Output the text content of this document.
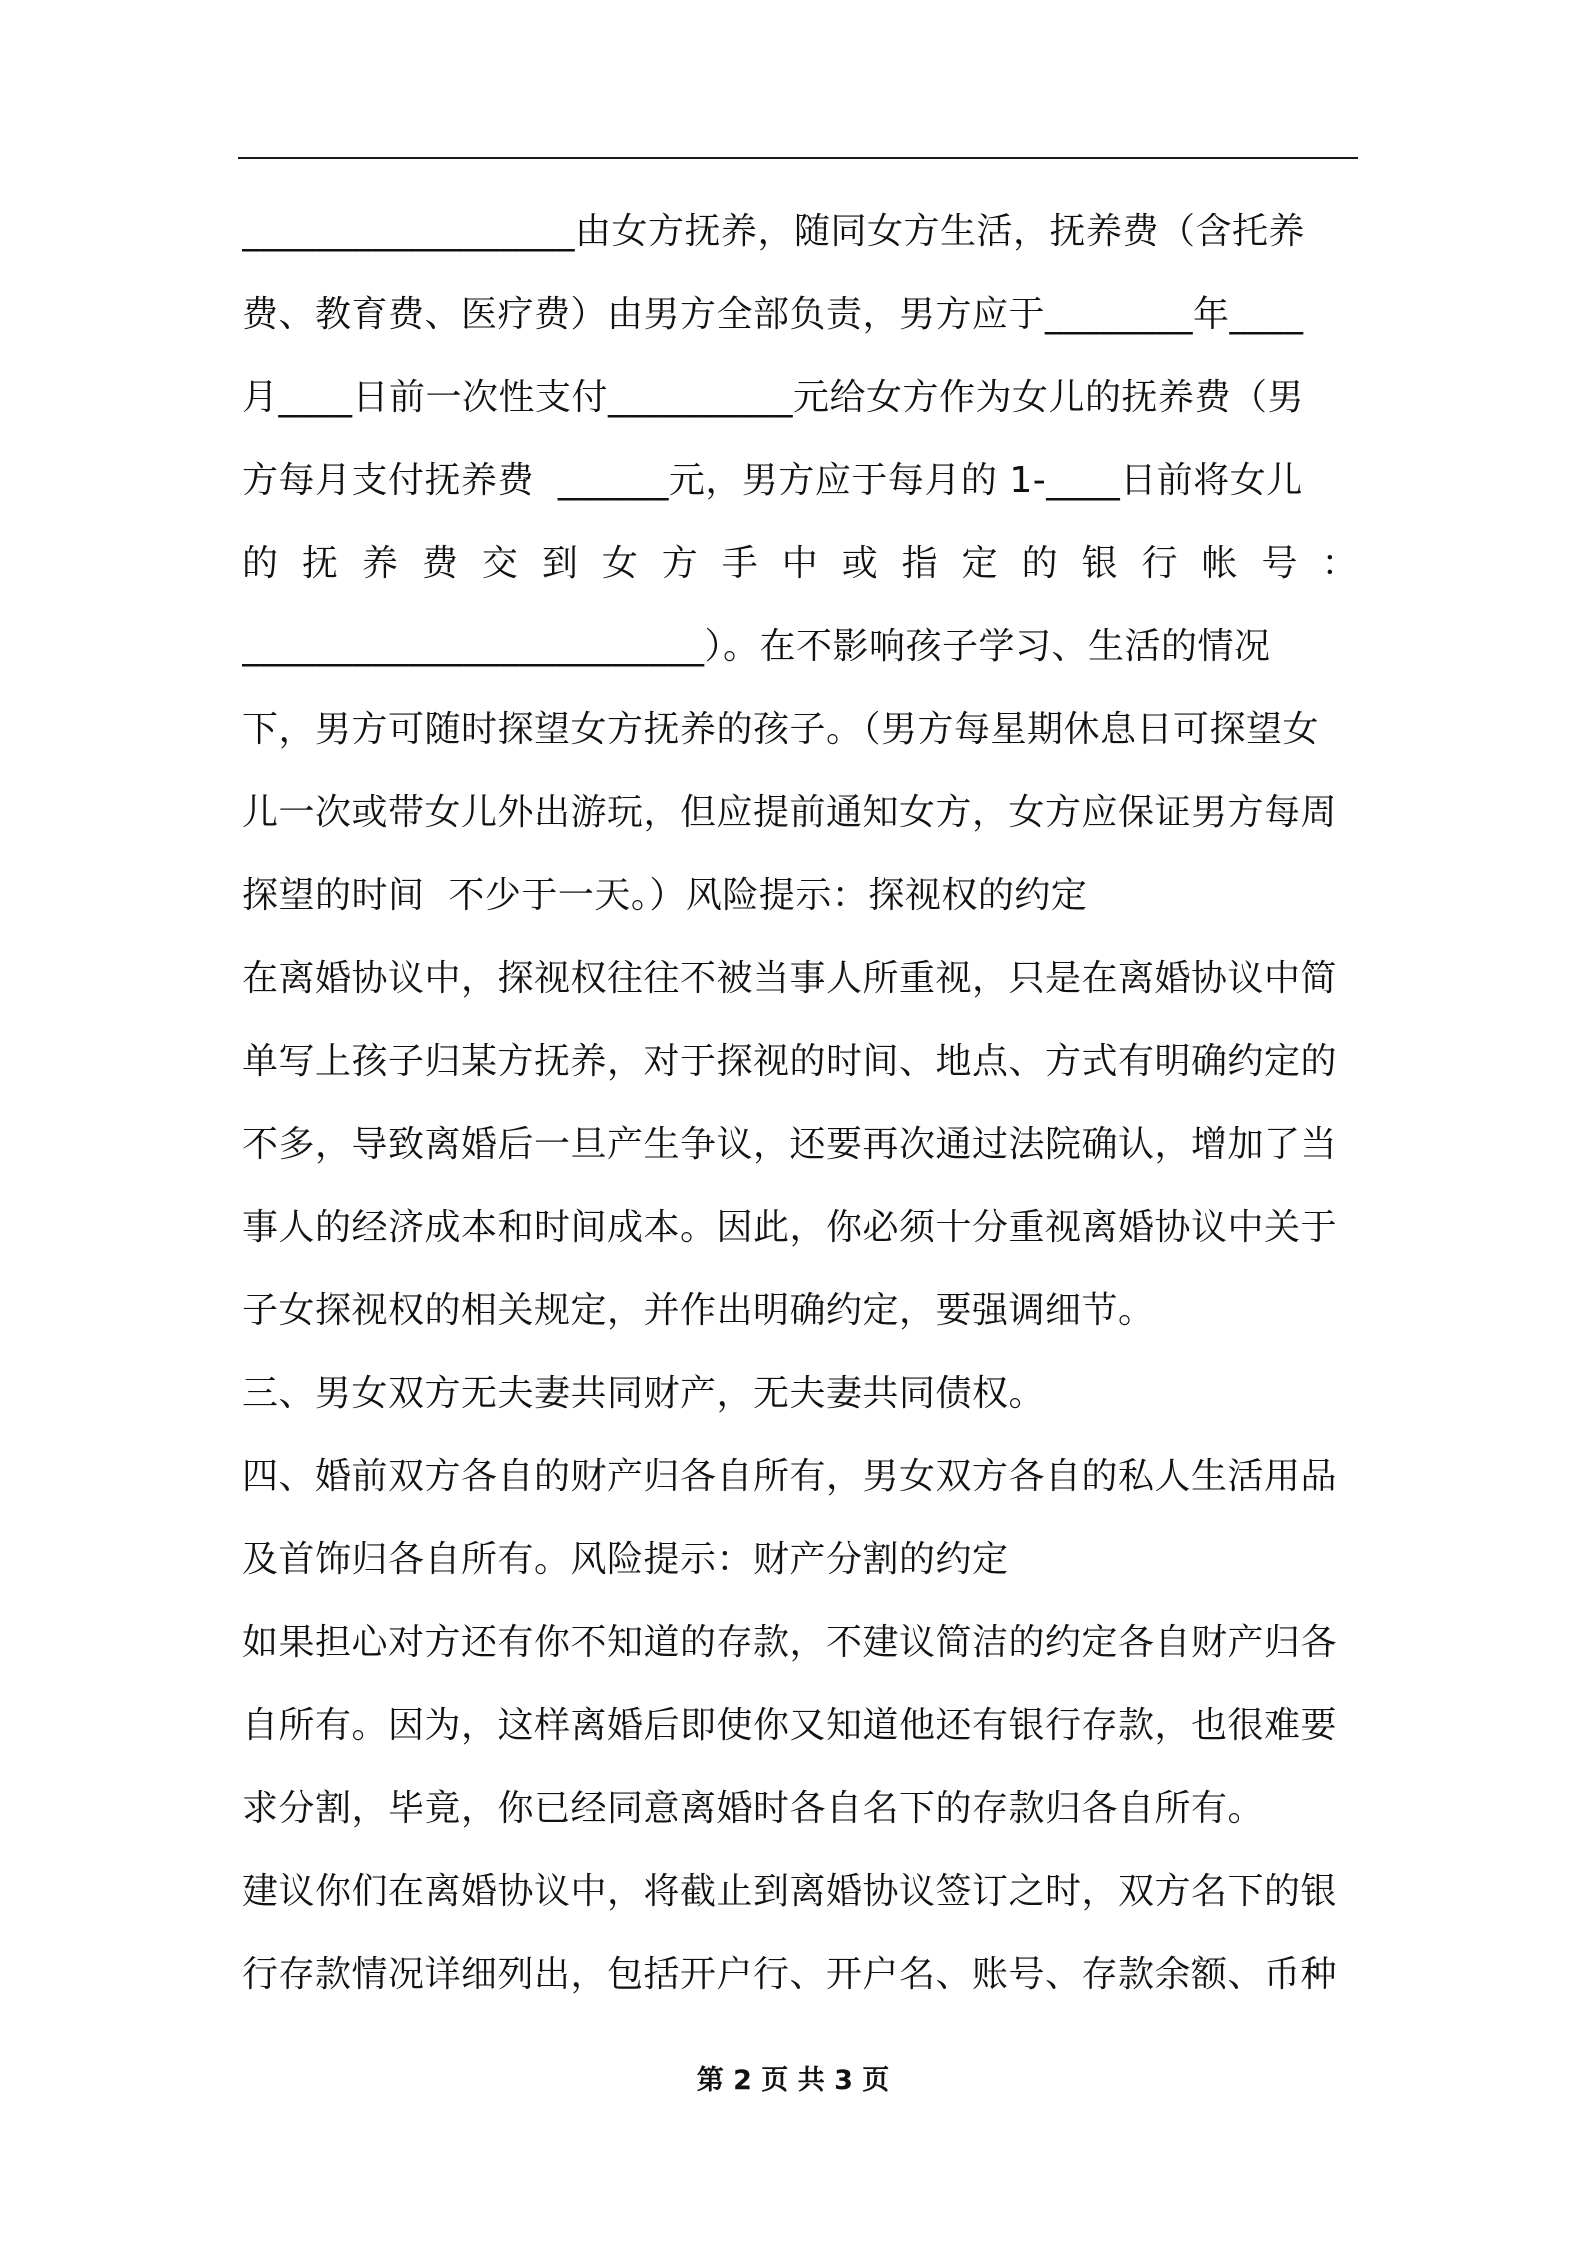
__________________由女方抚养，随同女方生活，抚养费（含托养
费、教育费、医疗费）由男方全部负责，男方应于________年____
月____日前一次性支付__________元给女方作为女儿的抚养费（男
方每月支付抚养费  ______元，男方应于每月的 1-____日前将女儿
的 抚 养 费 交 到 女 方 手 中 或 指 定 的 银 行 帐 号 ：
_________________________）。在不影响孩子学习、生活的情况
下，男方可随时探望女方抚养的孩子。（男方每星期休息日可探望女
儿一次或带女儿外出游玩，但应提前通知女方，女方应保证男方每周
探望的时间  不少于一天。）风险提示：探视权的约定
在离婚协议中，探视权往往不被当事人所重视，只是在离婚协议中简
单写上孩子归某方抚养，对于探视的时间、地点、方式有明确约定的
不多，导致离婚后一旦产生争议，还要再次通过法院确认，增加了当
事人的经济成本和时间成本。因此，你必须十分重视离婚协议中关于
子女探视权的相关规定，并作出明确约定，要强调细节。
三、男女双方无夫妻共同财产，无夫妻共同债权。
四、婚前双方各自的财产归各自所有，男女双方各自的私人生活用品
及首饰归各自所有。风险提示：财产分割的约定
如果担心对方还有你不知道的存款，不建议简洁的约定各自财产归各
自所有。因为，这样离婚后即使你又知道他还有银行存款，也很难要
求分割，毕竟，你已经同意离婚时各自名下的存款归各自所有。
建议你们在离婚协议中，将截止到离婚协议签订之时，双方名下的银
行存款情况详细列出，包括开户行、开户名、账号、存款余额、币种
第 2 页 共 3 页
